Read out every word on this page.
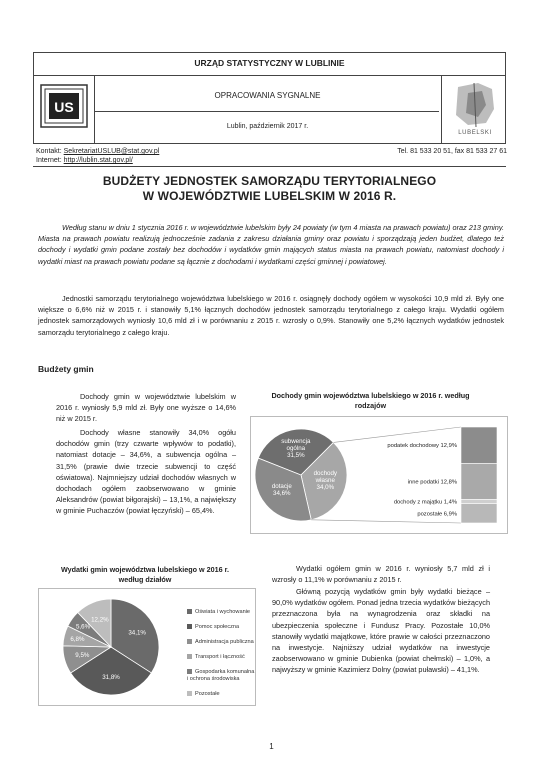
URZĄD STATYSTYCZNY W LUBLINIE
OPRACOWANIA SYGNALNE
Lublin, październik 2017 r.
US
LUBELSKI
Kontakt: SekretariatUSLUB@stat.gov.pl	Tel. 81 533 20 51, fax 81 533 27 61
Internet: http://lublin.stat.gov.pl/
BUDŻETY JEDNOSTEK SAMORZĄDU TERYTORIALNEGO
W WOJEWÓDZTWIE LUBELSKIM W 2016 R.
Według stanu w dniu 1 stycznia 2016 r. w województwie lubelskim były 24 powiaty (w tym 4 miasta na prawach powiatu) oraz 213 gminy. Miasta na prawach powiatu realizują jednocześnie zadania z zakresu działania gminy oraz powiatu i sporządzają jeden budżet, dlatego też dochody i wydatki gmin podane zostały bez dochodów i wydatków gmin mających status miasta na prawach powiatu, natomiast dochody i wydatki miast na prawach powiatu podane są łącznie z dochodami i wydatkami części gminnej i powiatowej.
Jednostki samorządu terytorialnego województwa lubelskiego w 2016 r. osiągnęły dochody ogółem w wysokości 10,9 mld zł. Były one większe o 6,6% niż w 2015 r. i stanowiły 5,1% łącznych dochodów jednostek samorządu terytorialnego z całego kraju. Wydatki ogółem jednostek samorządowych wyniosły 10,6 mld zł i w porównaniu z 2015 r. wzrosły o 0,9%. Stanowiły one 5,2% łącznych wydatków jednostek samorządu terytorialnego z całego kraju.
Budżety gmin
Dochody gmin w województwie lubelskim w 2016 r. wyniosły 5,9 mld zł. Były one wyższe o 14,6% niż w 2015 r.
Dochody własne stanowiły 34,0% ogółu dochodów gmin (trzy czwarte wpływów to podatki), natomiast dotacje – 34,6%, a subwencja ogólna – 31,5% (prawie dwie trzecie subwencji to część oświatowa). Najmniejszy udział dochodów własnych w dochodach ogółem zaobserwowano w gminie Aleksandrów (powiat biłgorajski) – 13,1%, a największy w gminie Puchaczów (powiat łęczyński) – 65,4%.
Dochody gmin województwa lubelskiego w 2016 r. według rodzajów
subwencja ogólna 31,5%
dochody własne 34,0%
dotacje 34,6%
podatek dochodowy 12,9%
inne podatki 12,8%
dochody z majątku 1,4%
pozostałe 6,9%
Wydatki gmin województwa lubelskiego w 2016 r. według działów
34,1%
31,8%
9,5%
6,8%
5,6%
12,2%
Oświata i wychowanie
Pomoc społeczna
Administracja publiczna
Transport i łączność
Gospodarka komunalna i ochrona środowiska
Pozostałe
Wydatki ogółem gmin w 2016 r. wyniosły 5,7 mld zł i wzrosły o 11,1% w porównaniu z 2015 r.
Główną pozycją wydatków gmin były wydatki bieżące – 90,0% wydatków ogółem. Ponad jedna trzecia wydatków bieżących przeznaczona była na wynagrodzenia oraz składki na ubezpieczenia społeczne i Fundusz Pracy. Pozostałe 10,0% stanowiły wydatki majątkowe, które prawie w całości przeznaczono na inwestycje. Najniższy udział wydatków na inwestycje zaobserwowano w gminie Dubienka (powiat chełmski) – 1,0%, a najwyższy w gminie Kazimierz Dolny (powiat puławski) – 41,1%.
1
